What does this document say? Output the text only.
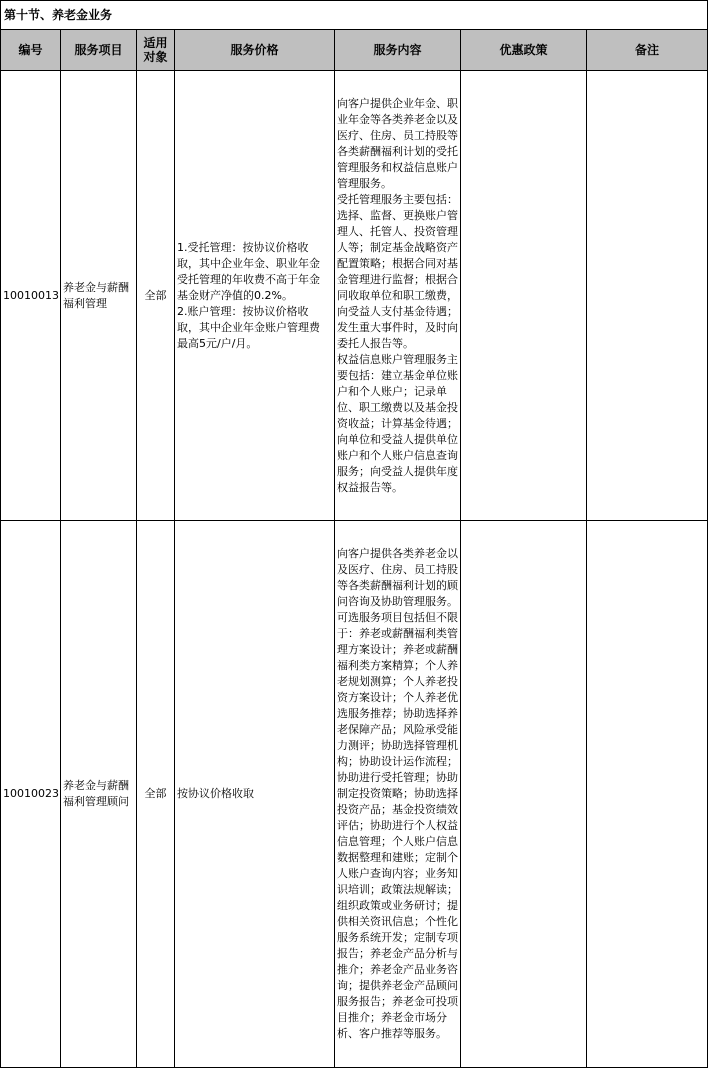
第十节、养老金业务						
编号	服务项目	适用对象	服务价格	服务内容	优惠政策	备注
10010013	养老金与薪酬福利管理	全部	1.受托管理：按协议价格收取，其中企业年金、职业年金受托管理的年收费不高于年金基金财产净值的0.2%。
2.账户管理：按协议价格收取，其中企业年金账户管理费最高5元/户/月。	向客户提供企业年金、职业年金等各类养老金以及医疗、住房、员工持股等各类薪酬福利计划的受托管理服务和权益信息账户管理服务。
受托管理服务主要包括： 选择、监督、更换账户管理人、托管人、投资管理人等；制定基金战略资产配置策略；根据合同对基金管理进行监督；根据合同收取单位和职工缴费，向受益人支付基金待遇；发生重大事件时，及时向委托人报告等。
权益信息账户管理服务主要包括：建立基金单位账户和个人账户；记录单位、职工缴费以及基金投资收益；计算基金待遇；向单位和受益人提供单位账户和个人账户信息查询服务；向受益人提供年度权益报告等。		

10010023	养老金与薪酬福利管理顾问	全部	按协议价格收取	向客户提供各类养老金以及医疗、住房、员工持股等各类薪酬福利计划的顾问咨询及协助管理服务。可选服务项目包括但不限于：养老或薪酬福利类管理方案设计；养老或薪酬福利类方案精算；个人养老规划测算；个人养老投资方案设计；个人养老优选服务推荐；协助选择养老保障产品；风险承受能力测评；协助选择管理机构；协助设计运作流程；协助进行受托管理；协助制定投资策略；协助选择投资产品；基金投资绩效评估；协助进行个人权益信息管理；个人账户信息数据整理和建账；定制个人账户查询内容；业务知识培训；政策法规解读；组织政策或业务研讨；提供相关资讯信息；个性化服务系统开发；定制专项报告；养老金产品分析与推介；养老金产品业务咨询；提供养老金产品顾问服务报告；养老金可投项目推介；养老金市场分析、客户推荐等服务。		
